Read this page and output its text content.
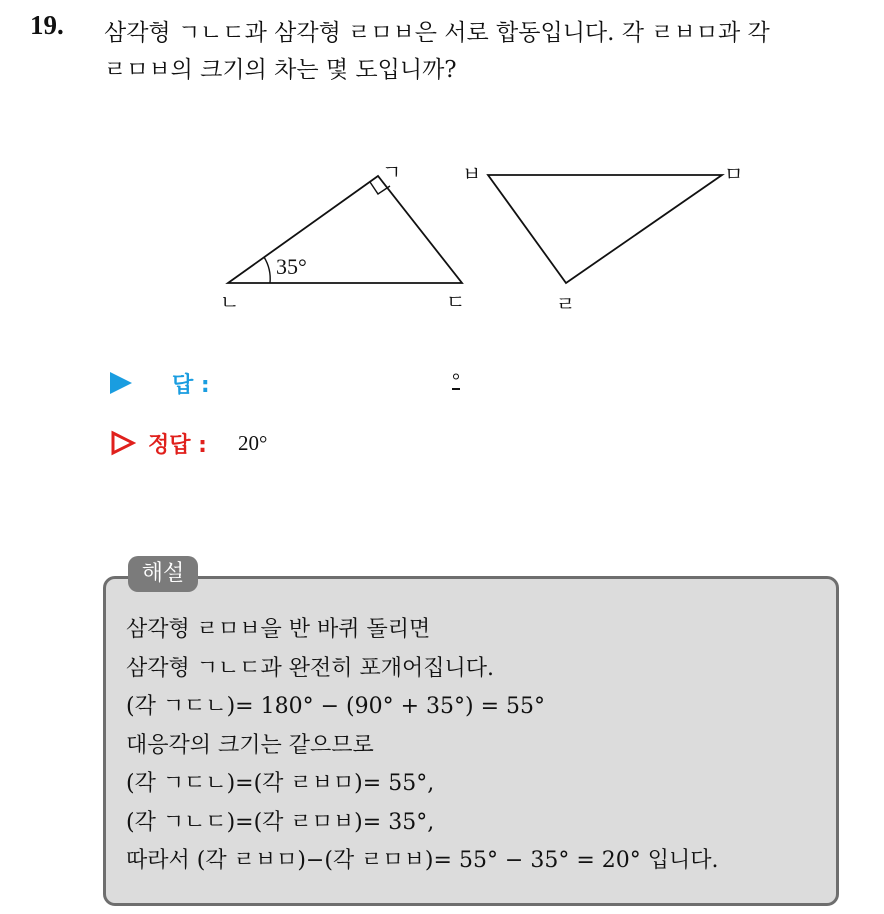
19. 삼각형 ㄱㄴㄷ과 삼각형 ㄹㅁㅂ은 서로 합동입니다. 각 ㄹㅂㅁ과 각
ㄹㅁㅂ의 크기의 차는 몇 도입니까?
ㄱ
ㄴ	ㄷ
35°
ㅂ	ㅁ
ㄹ
답 :	°
정답 : 20°
해설
삼각형 ㄹㅁㅂ을 반 바퀴 돌리면
삼각형 ㄱㄴㄷ과 완전히 포개어집니다.
(각 ㄱㄷㄴ)= 180° − (90° + 35°) = 55°
대응각의 크기는 같으므로
(각 ㄱㄷㄴ)=(각 ㄹㅂㅁ)= 55°,
(각 ㄱㄴㄷ)=(각 ㄹㅁㅂ)= 35°,
따라서 (각 ㄹㅂㅁ)−(각 ㄹㅁㅂ)= 55° − 35° = 20° 입니다.
